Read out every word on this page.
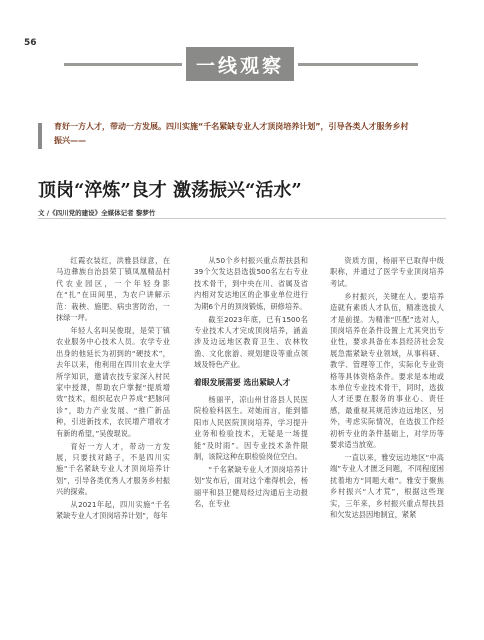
56
一线观察
育好一方人才，带动一方发展。四川实施“千名紧缺专业人才顶岗培养计划”，引导各类人才服务乡村振兴——
顶岗“淬炼”良才 激荡振兴“活水”
文 /《四川党的建设》全媒体记者 黎梦竹

红霞衣装红，洪雅县绿意，在马边彝族自治县荣丁镇凤凰精品村代农业园区，一个年轻身影在“扎”在田间里，为农户讲解示范：栽秧、施肥、病虫害防治，一抹绿一坪。

年轻人名叫吴俊琨，是荣丁镇农业服务中心技术人员。农学专业出身的他延长为初到的“硬技术”，去年以来，他利用在四川农业大学所学知识，邀请农技专家深入村民家中授课，帮助农户掌握“提质增效”技术，组织起农户养成“把脉问诊”，助力产业发展、“推广新品种，引进新技术，农民增产增收才有新的希望，”吴俊琨说。

育好一方人才，带动一方发展，只要找对路子，不是四川实施“千名紧缺专业人才顶岗培养计划”，引导各类优秀人才服务乡村振兴的探索。

从2021年起，四川实施“千名紧缺专业人才顶岗培养计划”，每年

从50个乡村振兴重点帮扶县和39个欠发达县选拔500名左右专业技术骨干，到中央在川、省属及省内相对发达地区的企事业单位进行为期6个月的顶岗锻炼，研修培养。

截至2023年底，已有1500名专业技术人才完成顶岗培养，涵盖涉及边远地区教育卫生、农林牧渔、文化旅游、规划建设等重点领域及特色产业。

着眼发展需要 选出紧缺人才

杨丽平，凉山州甘洛县人民医院检验科医生。对她而言，能到德阳市人民医院顶岗培养，学习提升业务和检验技术，无疑是一场提能“及时雨”。因专业技术条件限制，该院这种在职检验岗位空白。

“千名紧缺专业人才顶岗培养计划”发布后，面对这个难得机会，杨丽平和县卫健局经过沟通后主动报名，在专业

资质方面，杨丽平已取得中级职称，并通过了医学专业顶岗培养考试。

乡村振兴，关键在人。要培养造就有素质人才队伍，精准选拔人才是前提。为精准“匹配”选对人，顶岗培养在条件设置上尤其突出专业性，要求具备在本县经济社会发展急需紧缺专业领域，从事科研、教学、管理等工作，实际化专业资格等具体资格条件。要求是本地或本单位专业技术骨干，同时，选拔人才还要在服务的事业心、责任感，最重视其规范涉边远地区，另外，考虑实际情况，在选拔工作经初析专业的条件基础上，对学历等要求适当放宽。

一直以来，雅安远边地区“中高端”专业人才匮乏问题，不同程度困扰着地方“同题大难”。雅安于聚焦乡村振兴“人才荒”，根据这些现实，三年来，乡村振兴重点帮扶县和欠发达县因地制宜，紧紧
